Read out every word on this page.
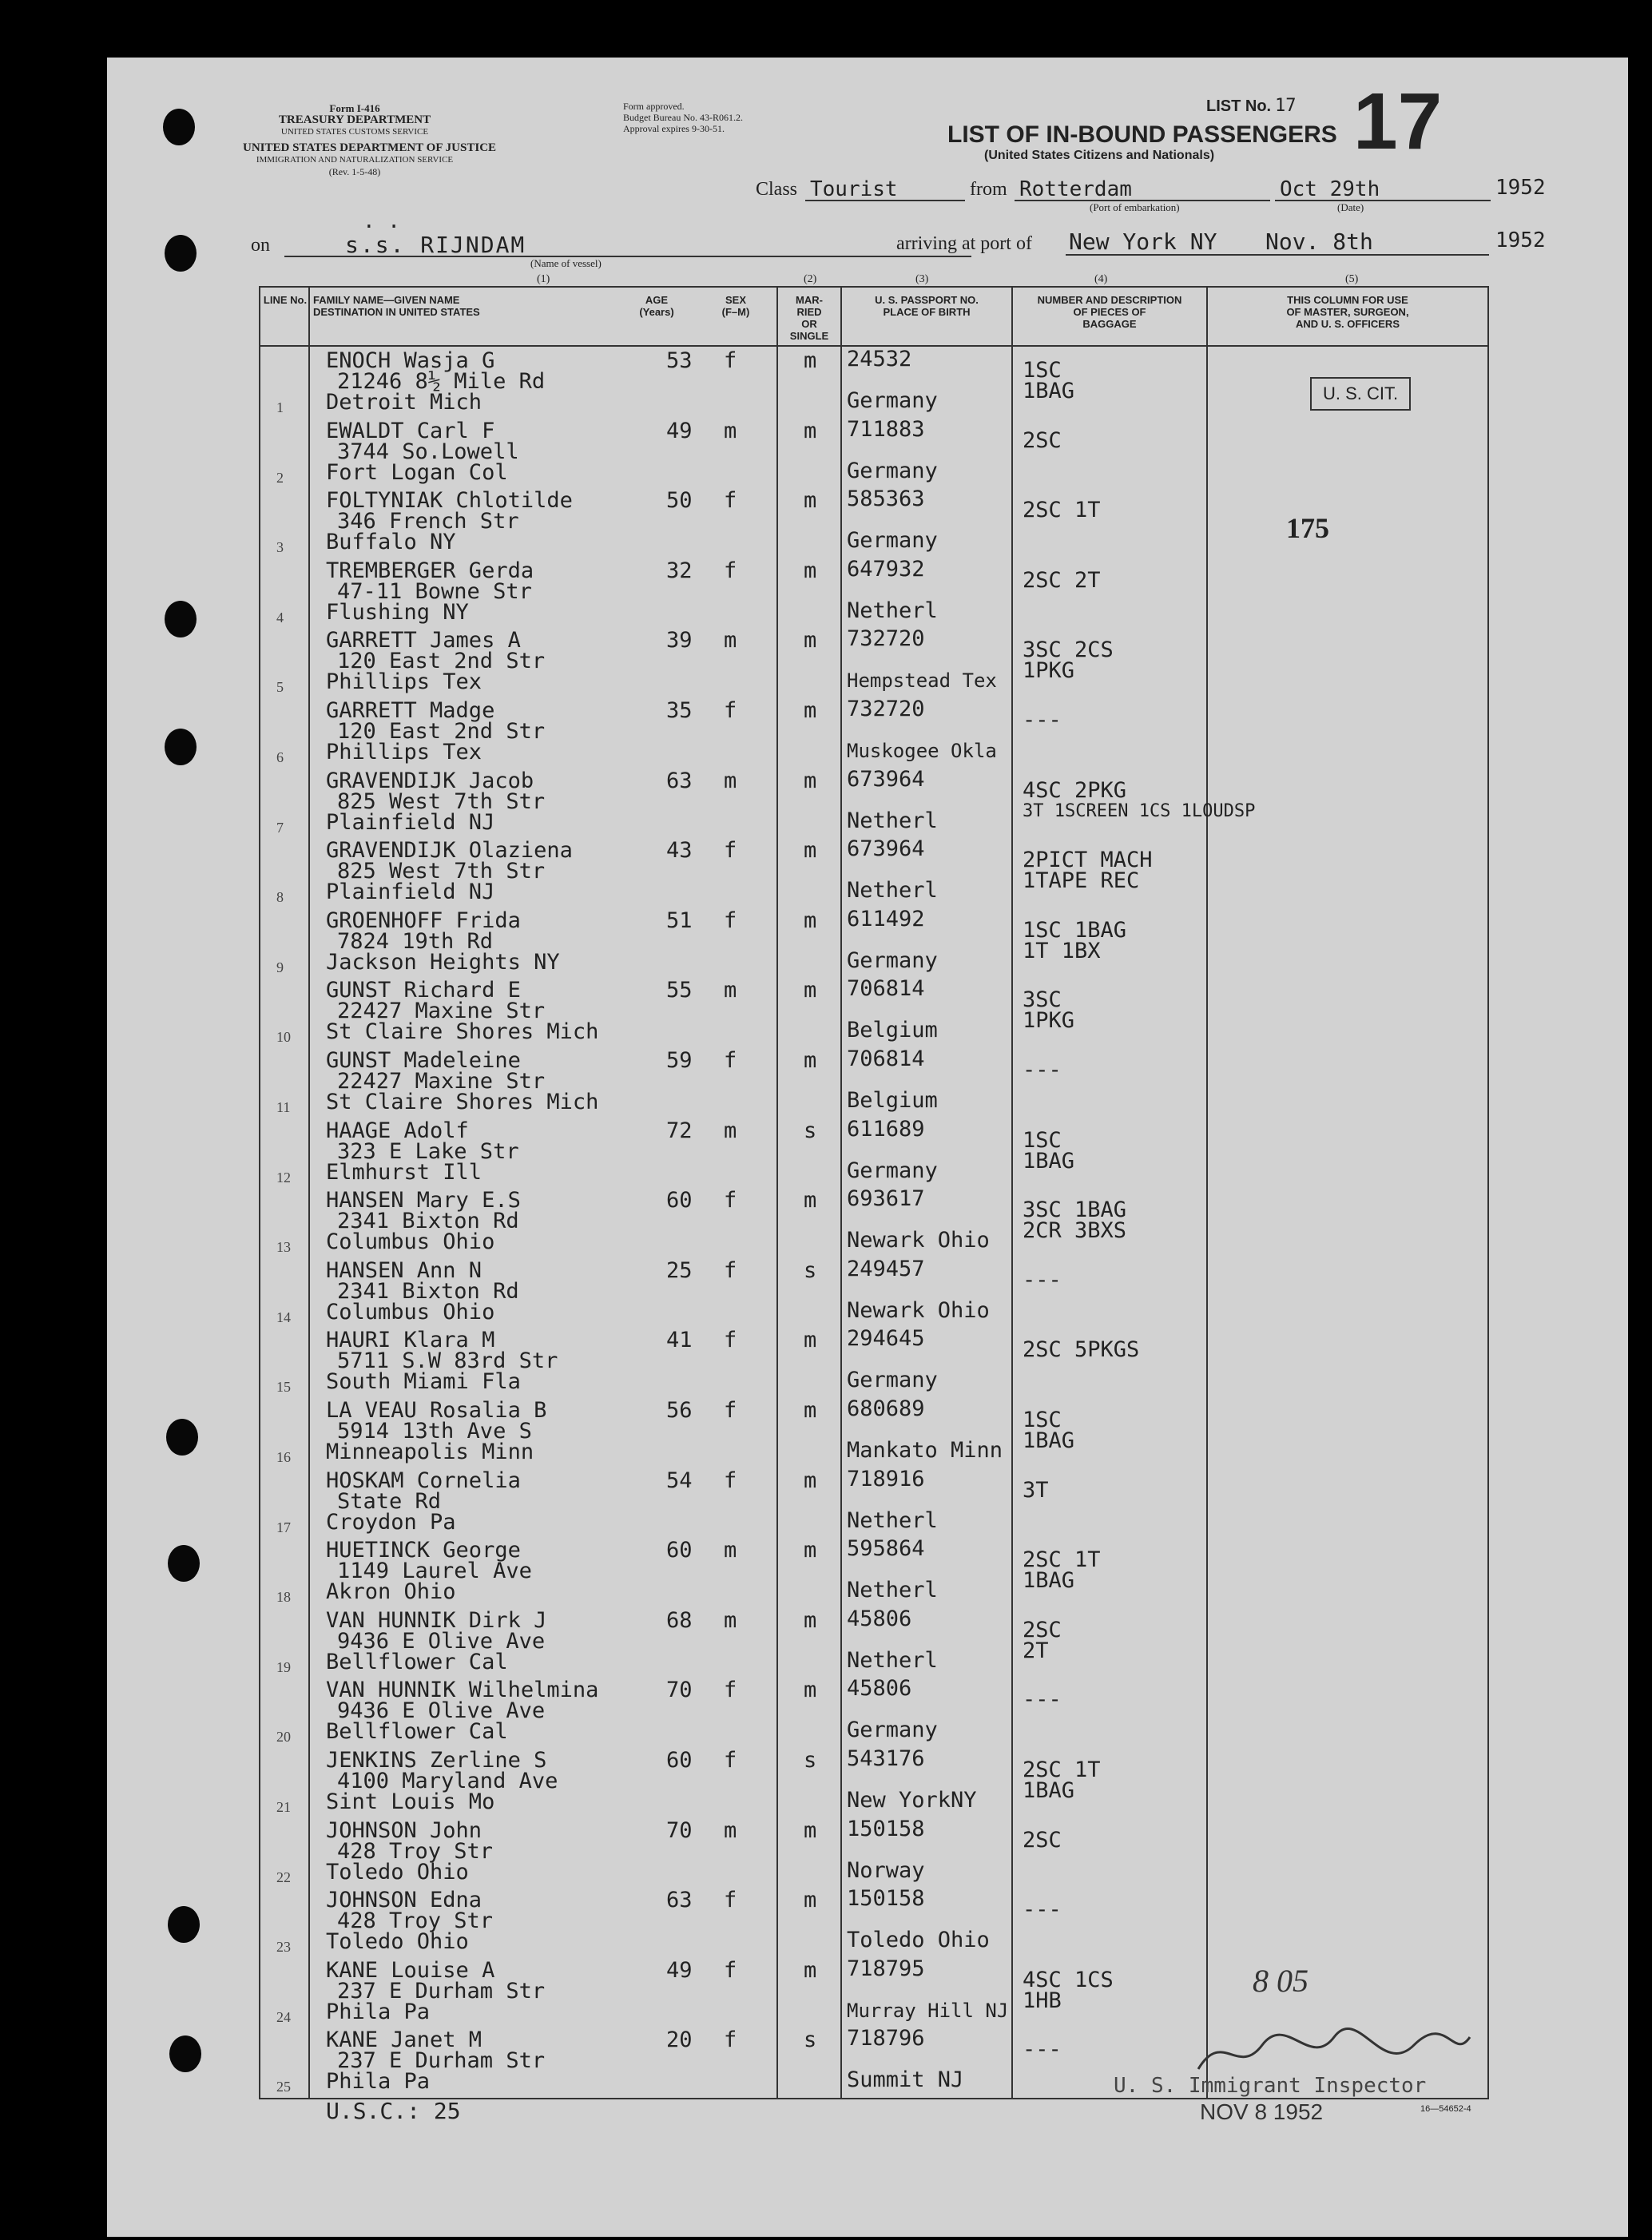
Form I-416
TREASURY DEPARTMENT
UNITED STATES CUSTOMS SERVICE
UNITED STATES DEPARTMENT OF JUSTICE
IMMIGRATION AND NATURALIZATION SERVICE
(Rev. 1-5-48)
Form approved.
Budget Bureau No. 43-R061.2.
Approval expires 9-30-51.
LIST No. 17 17
LIST OF IN-BOUND PASSENGERS
(United States Citizens and Nationals)
Class Tourist	from Rotterdam
(Port of embarkation)
Oct 29th
(Date)
1952
on
. .
s.s. RIJNDAM
(Name of vessel)
arriving at port of New York NY Nov. 8th	1952
(1)	(2)	(3)	(4)	(5)
LINE No. FAMILY NAME—GIVEN NAME
DESTINATION IN UNITED STATES
AGE
(Years)
SEX
(F–M)
MAR-
RIED
OR
SINGLE
U. S. PASSPORT NO.
PLACE OF BIRTH
NUMBER AND DESCRIPTION
OF PIECES OF
BAGGAGE
THIS COLUMN FOR USE
OF MASTER, SURGEON,
AND U. S. OFFICERS
1
ENOCH Wasja G
21246 8½ Mile Rd
Detroit Mich
53 f	m 24532
Germany
1SC
1BAG
2
EWALDT Carl F
3744 So.Lowell
Fort Logan Col
49 m	m 711883
Germany
2SC
3
FOLTYNIAK Chlotilde
346 French Str
Buffalo NY
50 f	m 585363
Germany
2SC 1T
4
TREMBERGER Gerda
47-11 Bowne Str
Flushing NY
32 f	m 647932
Netherl
2SC 2T
5
GARRETT James A
120 East 2nd Str
Phillips Tex
39 m	m 732720
Hempstead Tex
3SC 2CS
1PKG
6
GARRETT Madge
120 East 2nd Str
Phillips Tex
35 f	m 732720
Muskogee Okla
---
7
GRAVENDIJK Jacob
825 West 7th Str
Plainfield NJ
63 m	m 673964
Netherl
4SC 2PKG
3T 1SCREEN 1CS 1LOUDSP
8
GRAVENDIJK Olaziena
825 West 7th Str
Plainfield NJ
43 f	m 673964
Netherl
2PICT MACH
1TAPE REC
9
GROENHOFF Frida
7824 19th Rd
Jackson Heights NY
51 f	m 611492
Germany
1SC 1BAG
1T 1BX
10
GUNST Richard E
22427 Maxine Str
St Claire Shores Mich
55 m	m 706814
Belgium
3SC
1PKG
11
GUNST Madeleine
22427 Maxine Str
St Claire Shores Mich
59 f	m 706814
Belgium
---
12
HAAGE Adolf
323 E Lake Str
Elmhurst Ill
72 m	s 611689
Germany
1SC
1BAG
13
HANSEN Mary E.S
2341 Bixton Rd
Columbus Ohio
60 f	m 693617
Newark Ohio
3SC 1BAG
2CR 3BXS
14
HANSEN Ann N
2341 Bixton Rd
Columbus Ohio
25 f	s 249457
Newark Ohio
---
15
HAURI Klara M
5711 S.W 83rd Str
South Miami Fla
41 f	m 294645
Germany
2SC 5PKGS
16
LA VEAU Rosalia B
5914 13th Ave S
Minneapolis Minn
56 f	m 680689
Mankato Minn
1SC
1BAG
17
HOSKAM Cornelia
State Rd
Croydon Pa
54 f	m 718916
Netherl
3T
18
HUETINCK George
1149 Laurel Ave
Akron Ohio
60 m	m 595864
Netherl
2SC 1T
1BAG
19
VAN HUNNIK Dirk J
9436 E Olive Ave
Bellflower Cal
68 m	m 45806
Netherl
2SC
2T
20
VAN HUNNIK Wilhelmina
9436 E Olive Ave
Bellflower Cal
70 f	m 45806
Germany
---
21
JENKINS Zerline S
4100 Maryland Ave
Sint Louis Mo
60 f	s 543176
New YorkNY
2SC 1T
1BAG
22
JOHNSON John
428 Troy Str
Toledo Ohio
70 m	m 150158
Norway
2SC
23
JOHNSON Edna
428 Troy Str
Toledo Ohio
63 f	m 150158
Toledo Ohio
---
24
KANE Louise A
237 E Durham Str
Phila Pa
49 f	m 718795
Murray Hill NJ
4SC 1CS
1HB
25
KANE Janet M
237 E Durham Str
Phila Pa
20 f	s 718796
Summit NJ
---
U. S. CIT.
175
U.S.C.: 25
U. S. Immigrant Inspector
NOV 8 1952	16—54652-4
8 05
